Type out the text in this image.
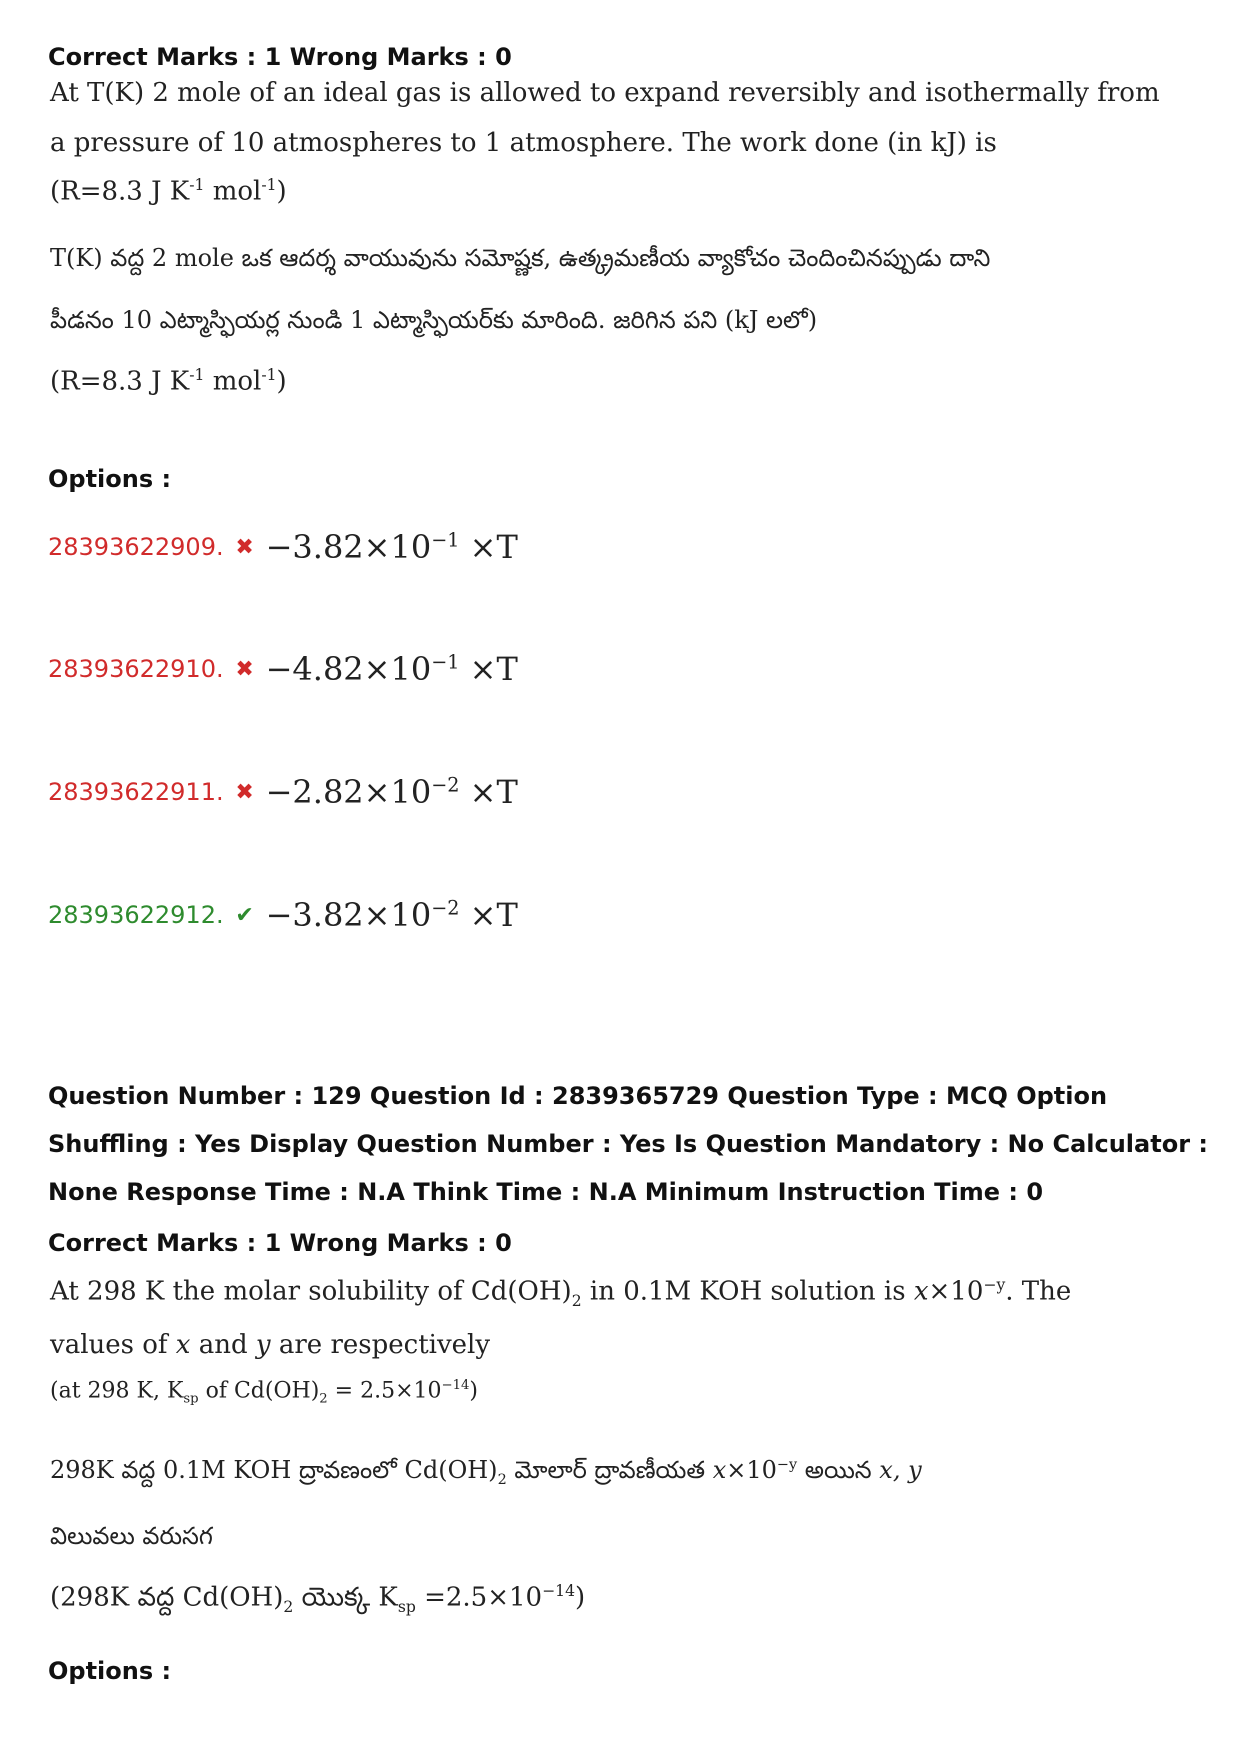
Correct Marks : 1 Wrong Marks : 0
At T(K) 2 mole of an ideal gas is allowed to expand reversibly and isothermally from
a pressure of 10 atmospheres to 1 atmosphere. The work done (in kJ) is
(R=8.3 J $K^{-1}$ mol$^{-1}$)
T(K) వద్ద 2 mole ఒక ఆదర్శ వాయువును సమోష్ణక, ఉత్క్రమణీయ వ్యాకోచం చెందించినప్పుడు దాని
పీడనం 10 ఎట్మాస్ఫియర్ల నుండి 1 ఎట్మాస్ఫియర్‌కు మారింది. జరిగిన పని (kJ లలో)
(R=8.3 J $K^{-1}$ mol$^{-1}$)
Options :
28393622909. ✖ $-3.82\times 10^{-1} \times T$
28393622910. ✖ $-4.82\times 10^{-1} \times T$
28393622911. ✖ $-2.82\times 10^{-2} \times T$
28393622912. ✔ $-3.82\times 10^{-2} \times T$
Question Number : 129 Question Id : 2839365729 Question Type : MCQ Option Shuffling : Yes Display Question Number : Yes Is Question Mandatory : No Calculator : None Response Time : N.A Think Time : N.A Minimum Instruction Time : 0
Correct Marks : 1 Wrong Marks : 0
At 298 K the molar solubility of $Cd(OH)_2$ in 0.1M KOH solution is $x\times 10^{-y}$. The
values of x and y are respectively
(at 298 K, $K_{sp}$ of $Cd(OH)_2 = 2.5\times 10^{-14}$)
298K వద్ద 0.1M KOH ద్రావణంలో $Cd(OH)_2$ మోలార్ ద్రావణీయత $x\times 10^{-y}$ అయిన x, y
విలువలు వరుసగ
(298K వద్ద $Cd(OH)_2$ యొక్క $K_{sp} =2.5\times 10^{-14}$)
Options :
